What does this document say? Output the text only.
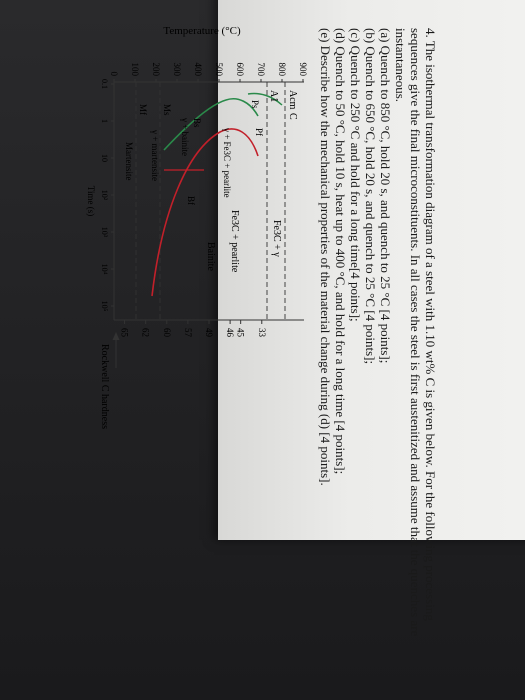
4. The isothermal transformation diagram of a steel with 1.10 wt% C is given below. For the following processing sequences give the final microconstituents. In all cases the steel is first austenitized and assume that the quenches are instantaneous.

(a) Quench to 850 °C, hold 20 s, and quench to 25 °C [4 points];

(b) Quench to 650 °C, hold 20 s, and quench to 25 °C [4 points];

(c) Quench to 250 °C and hold for a long time[4 points];

(d) Quench to 50 °C, hold 10 s, heat up to 400 °C, and hold for a long time [4 points];

(e) Describe how the mechanical properties of the material change during (d) [4 points].

Temperature (°C)
900
800
700
600
500
400
300
200
100
0
0.1
1
10
10²
10³
10⁴
10⁵
Acm
C
A1
Ps
Pf
Bs
Bf
Ms
Mf
Fe3C + γ
Fe3C + pearlite
γ + Fe3C + pearlite
Bainite
γ + bainite
γ + martensite
Martensite
33
45
46
49
57
60
62
65
Rockwell C hardness
Time (s)
